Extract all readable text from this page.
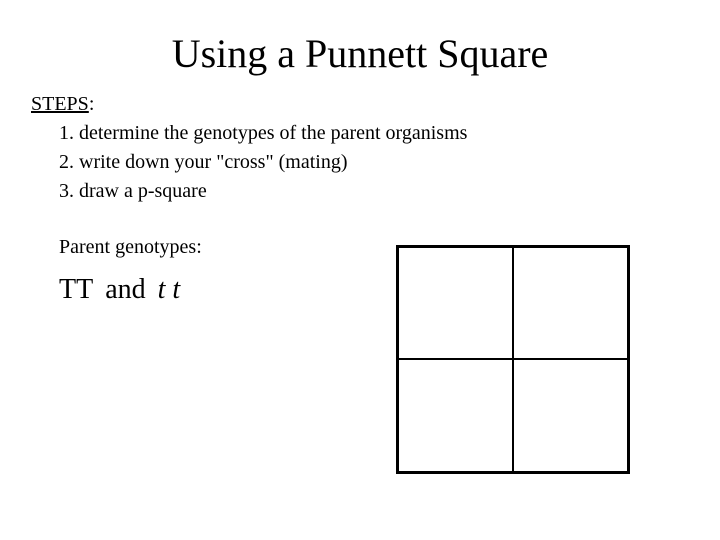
Using a Punnett Square
STEPS:
1. determine the genotypes of the parent organisms
2. write down your "cross" (mating)
3. draw a p-square
Parent genotypes:
TT and t t
